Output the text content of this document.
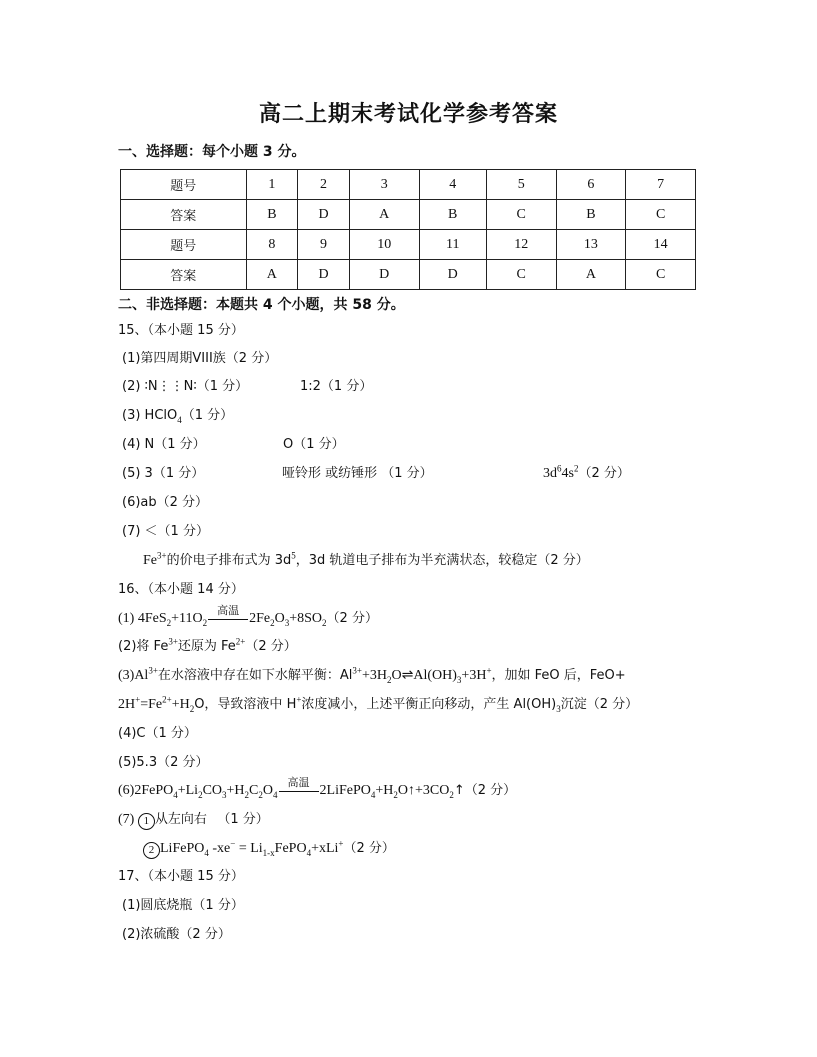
高二上期末考试化学参考答案
一、选择题：每个小题 3 分。
题号	1	2	3	4	5	6	7
答案	B	D	A	B	C	B	C
题号	8	9	10	11	12	13	14
答案	A	D	D	D	C	A	C
二、非选择题：本题共 4 个小题，共 58 分。
15、（本小题 15 分）
(1)第四周期VIII族（2 分）
(2) ∶N⋮⋮N∶（1 分）	1:2（1 分）
(3) HClO$_4$（1 分）
(4) N（1 分）	O（1 分）
(5) 3（1 分）	哑铃形 或纺锤形 （1 分）	$3d^64s^2(2$ 分）
(6)ab（2 分）
(7) ＜（1 分）
$Fe^{3+}$的价电子排布式为 $3d^5$，3d 轨道电子排布为半充满状态，较稳定（2 分）
16、（本小题 14 分）
(1) $4FeS_2+11O_2$
高温
$2Fe_2O_3+8SO_2(2$ 分）
(2)将 $Fe^{3+}$还原为 $Fe^{2+}(2$ 分）
$(3)Al^{3+}$在水溶液中存在如下水解平衡：$Al^{3+}+3H_2O\rightleftharpoons Al(OH)_3+3H^+$，加如 FeO 后，FeO+
$2H^+=Fe^{2+}+H_2O$，导致溶液中 H+浓度减小，上述平衡正向移动，产生 $Al(OH)_3$沉淀（2 分）
(4)C（1 分）
(5)5.3（2 分）
$(6)2FePO_4+Li_2CO_3+H_2C_2O_4$
高温
$2LiFePO_4+H_2O↑+3CO_2↑(2$ 分）
(7) 1 从左向右 （1 分）
2 LiFePO$_4$ $-xe^- = Li_{1-x}FePO_4+xLi^+(2$ 分）
17、（本小题 15 分）
(1)圆底烧瓶（1 分）
(2)浓硫酸（2 分）
